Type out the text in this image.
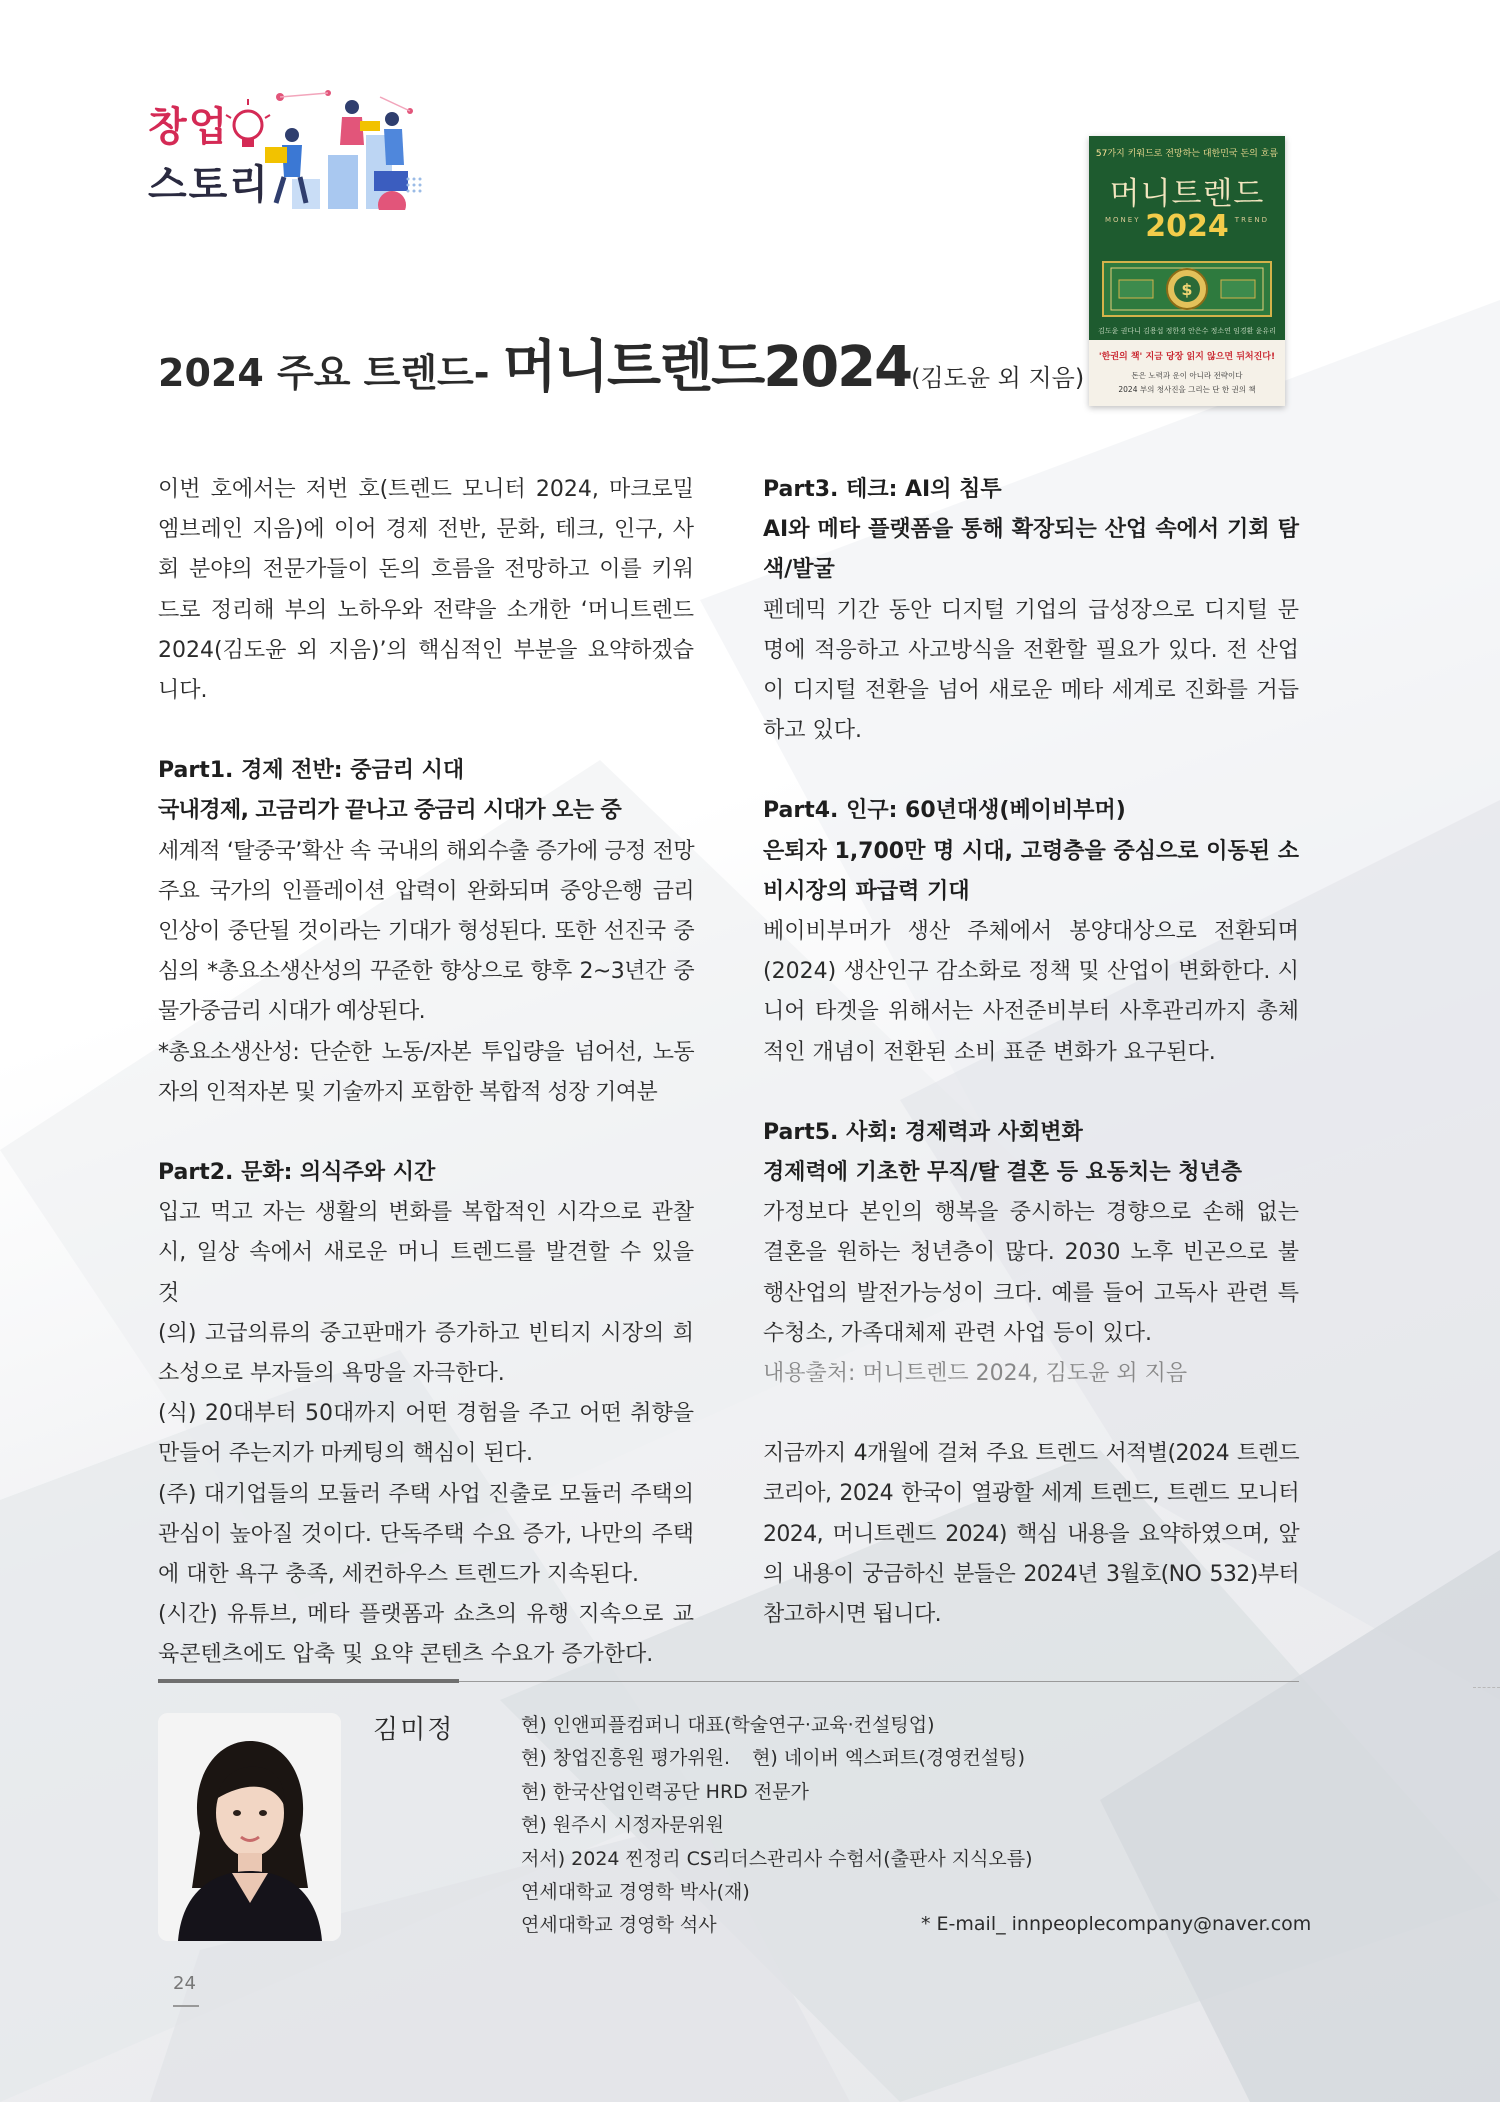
창업
스토리
57가지 키워드로 전망하는 대한민국 돈의 흐름
머니트렌드
MONEY	TREND
2024
$
김도윤 권다니 김용섭 정한경 안은수 정소연 임경환 윤유리
'한권의 책' 지금 당장 읽지 않으면 뒤처진다!
돈은 노력과 운이 아니라 전략이다
2024 부의 청사진을 그리는 단 한 권의 책
2024 주요 트렌드- 머니트렌드2024(김도윤 외 지음)

이번 호에서는 저번 호(트렌드 모니터 2024, 마크로밀엠브레인 지음)에 이어 경제 전반, 문화, 테크, 인구, 사회 분야의 전문가들이 돈의 흐름을 전망하고 이를 키워드로 정리해 부의 노하우와 전략을 소개한 ‘머니트렌드 2024(김도윤 외 지음)’의 핵심적인 부분을 요약하겠습니다.

Part1. 경제 전반: 중금리 시대

국내경제, 고금리가 끝나고 중금리 시대가 오는 중

세계적 ‘탈중국’확산 속 국내의 해외수출 증가에 긍정 전망 주요 국가의 인플레이션 압력이 완화되며 중앙은행 금리 인상이 중단될 것이라는 기대가 형성된다. 또한 선진국 중심의 *총요소생산성의 꾸준한 향상으로 향후 2~3년간 중물가중금리 시대가 예상된다.

*총요소생산성: 단순한 노동/자본 투입량을 넘어선, 노동자의 인적자본 및 기술까지 포함한 복합적 성장 기여분

Part2. 문화: 의식주와 시간

입고 먹고 자는 생활의 변화를 복합적인 시각으로 관찰 시, 일상 속에서 새로운 머니 트렌드를 발견할 수 있을 것

(의) 고급의류의 중고판매가 증가하고 빈티지 시장의 희소성으로 부자들의 욕망을 자극한다.

(식) 20대부터 50대까지 어떤 경험을 주고 어떤 취향을 만들어 주는지가 마케팅의 핵심이 된다.

(주) 대기업들의 모듈러 주택 사업 진출로 모듈러 주택의 관심이 높아질 것이다. 단독주택 수요 증가, 나만의 주택에 대한 욕구 충족, 세컨하우스 트렌드가 지속된다.

(시간) 유튜브, 메타 플랫폼과 쇼츠의 유행 지속으로 교육콘텐츠에도 압축 및 요약 콘텐츠 수요가 증가한다.

Part3. 테크: AI의 침투

AI와 메타 플랫폼을 통해 확장되는 산업 속에서 기회 탐색/발굴

펜데믹 기간 동안 디지털 기업의 급성장으로 디지털 문명에 적응하고 사고방식을 전환할 필요가 있다. 전 산업이 디지털 전환을 넘어 새로운 메타 세계로 진화를 거듭하고 있다.

Part4. 인구: 60년대생(베이비부머)

은퇴자 1,700만 명 시대, 고령층을 중심으로 이동된 소비시장의 파급력 기대

베이비부머가 생산 주체에서 봉양대상으로 전환되며 (2024) 생산인구 감소화로 정책 및 산업이 변화한다. 시니어 타겟을 위해서는 사전준비부터 사후관리까지 총체적인 개념이 전환된 소비 표준 변화가 요구된다.

Part5. 사회: 경제력과 사회변화

경제력에 기초한 무직/탈 결혼 등 요동치는 청년층

가정보다 본인의 행복을 중시하는 경향으로 손해 없는 결혼을 원하는 청년층이 많다. 2030 노후 빈곤으로 불행산업의 발전가능성이 크다. 예를 들어 고독사 관련 특수청소, 가족대체제 관련 사업 등이 있다.

내용출처: 머니트렌드 2024, 김도윤 외 지음

지금까지 4개월에 걸쳐 주요 트렌드 서적별(2024 트렌드 코리아, 2024 한국이 열광할 세계 트렌드, 트렌드 모니터 2024, 머니트렌드 2024) 핵심 내용을 요약하였으며, 앞의 내용이 궁금하신 분들은 2024년 3월호(NO 532)부터 참고하시면 됩니다.

김미정	현) 인앤피플컴퍼니 대표(학술연구·교육·컨설팅업)
현) 창업진흥원 평가위원. 현) 네이버 엑스퍼트(경영컨설팅)
현) 한국산업인력공단 HRD 전문가
현) 원주시 시정자문위원
저서) 2024 찐정리 CS리더스관리사 수험서(출판사 지식오름)
연세대학교 경영학 박사(재)
연세대학교 경영학 석사	* E-mail_ innpeoplecompany@naver.com
24
